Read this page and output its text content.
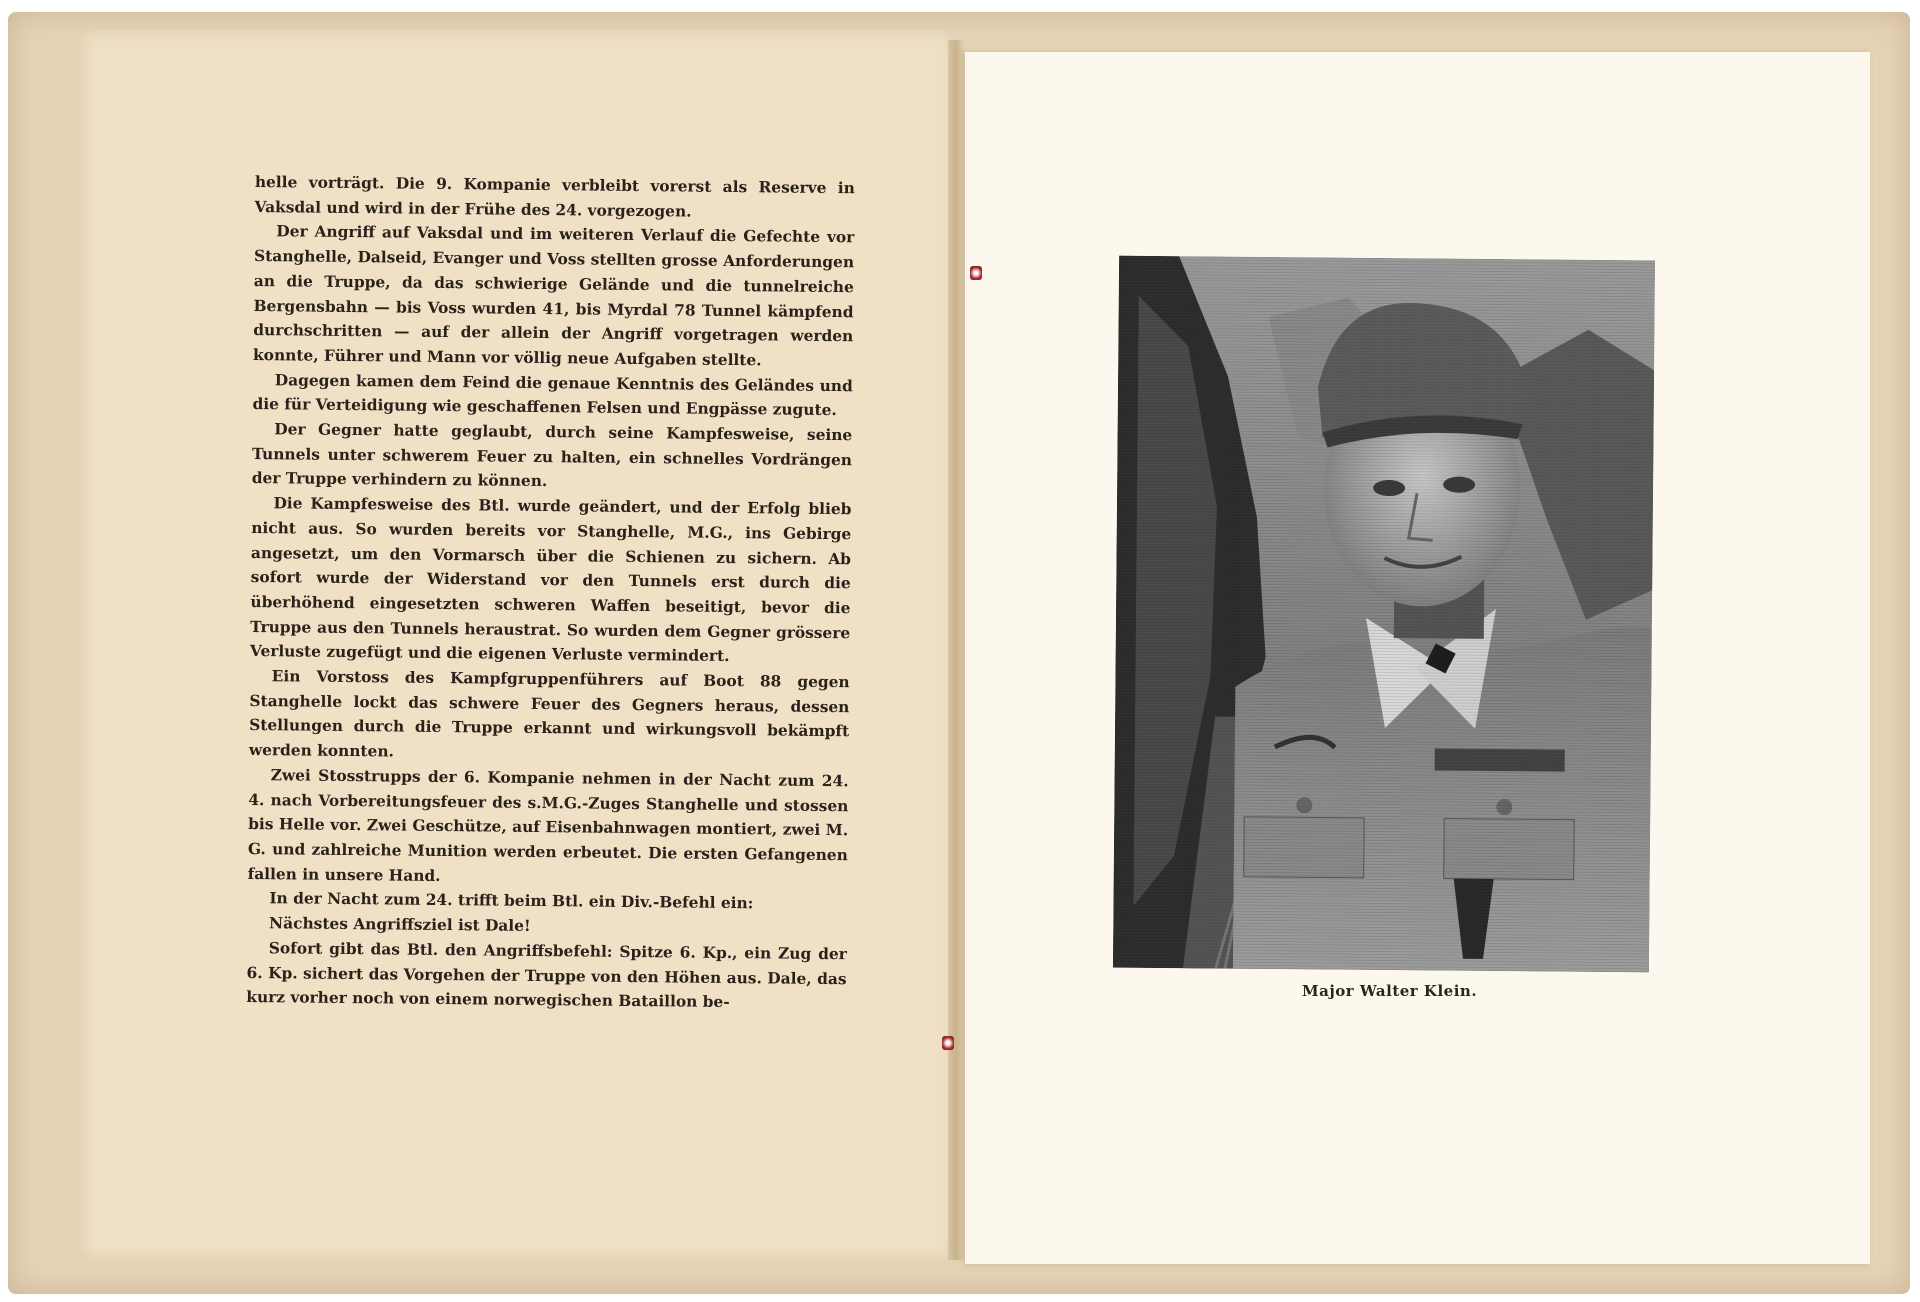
helle vorträgt. Die 9. Kompanie verbleibt vorerst als Reserve in Vaksdal und wird in der Frühe des 24. vorgezogen.

Der Angriff auf Vaksdal und im weiteren Verlauf die Gefechte vor Stanghelle, Dalseid, Evanger und Voss stellten grosse Anforderungen an die Truppe, da das schwierige Gelände und die tunnelreiche Bergensbahn — bis Voss wurden 41, bis Myrdal 78 Tunnel kämpfend durchschritten — auf der allein der Angriff vorgetragen werden konnte, Führer und Mann vor völlig neue Aufgaben stellte.

Dagegen kamen dem Feind die genaue Kenntnis des Geländes und die für Verteidigung wie geschaffenen Felsen und Engpässe zugute.

Der Gegner hatte geglaubt, durch seine Kampfesweise, seine Tunnels unter schwerem Feuer zu halten, ein schnelles Vordrängen der Truppe verhindern zu können.

Die Kampfesweise des Btl. wurde geändert, und der Erfolg blieb nicht aus. So wurden bereits vor Stanghelle, M.G., ins Gebirge angesetzt, um den Vormarsch über die Schienen zu sichern. Ab sofort wurde der Widerstand vor den Tunnels erst durch die überhöhend eingesetzten schweren Waffen beseitigt, bevor die Truppe aus den Tunnels heraustrat. So wurden dem Gegner grössere Verluste zugefügt und die eigenen Verluste vermindert.

Ein Vorstoss des Kampfgruppenführers auf Boot 88 gegen Stanghelle lockt das schwere Feuer des Gegners heraus, dessen Stellungen durch die Truppe erkannt und wirkungsvoll bekämpft werden konnten.

Zwei Stosstrupps der 6. Kompanie nehmen in der Nacht zum 24. 4. nach Vorbereitungsfeuer des s.M.G.-Zuges Stanghelle und stossen bis Helle vor. Zwei Geschütze, auf Eisenbahnwagen montiert, zwei M. G. und zahlreiche Munition werden erbeutet. Die ersten Gefangenen fallen in unsere Hand.

In der Nacht zum 24. trifft beim Btl. ein Div.-Befehl ein:

Nächstes Angriffsziel ist Dale!

Sofort gibt das Btl. den Angriffsbefehl: Spitze 6. Kp., ein Zug der 6. Kp. sichert das Vorgehen der Truppe von den Höhen aus. Dale, das kurz vorher noch von einem norwegischen Bataillon be-	Major Walter Klein.
